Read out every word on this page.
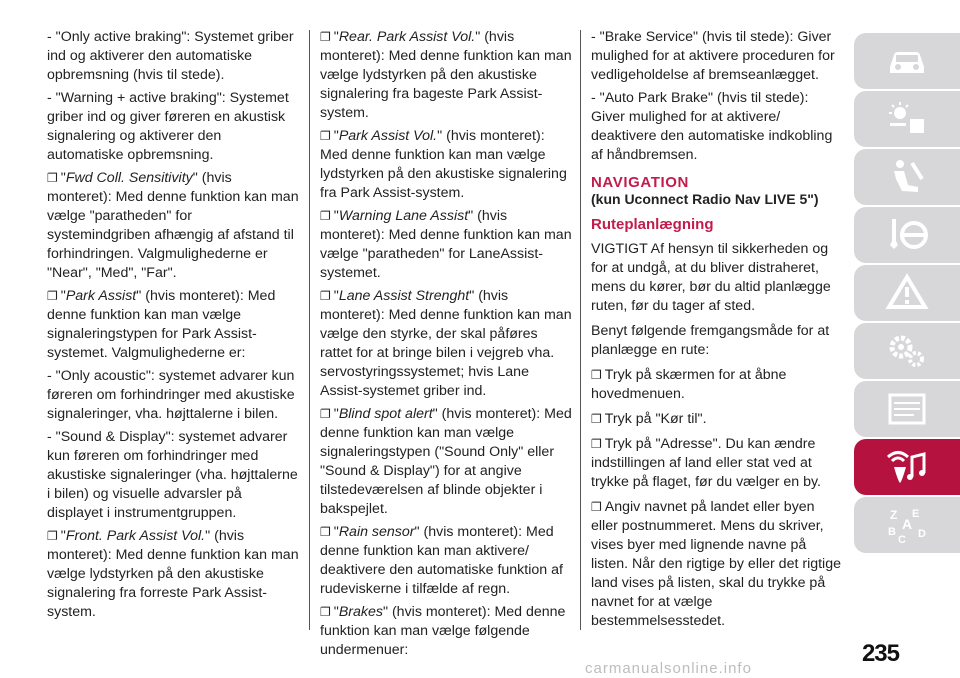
- "Only active braking": Systemet griber ind og aktiverer den automatiske opbremsning (hvis til stede).

- "Warning + active braking": Systemet griber ind og giver føreren en akustisk signalering og aktiverer den automatiske opbremsning.

❐ "Fwd Coll. Sensitivity" (hvis monteret): Med denne funktion kan man vælge "paratheden" for systemindgriben afhængig af afstand til forhindringen. Valgmulighederne er "Near", "Med", "Far".

❐ "Park Assist" (hvis monteret): Med denne funktion kan man vælge signaleringstypen for Park Assist-systemet. Valgmulighederne er:

- "Only acoustic": systemet advarer kun føreren om forhindringer med akustiske signaleringer, vha. højttalerne i bilen.

- "Sound & Display": systemet advarer kun føreren om forhindringer med akustiske signaleringer (vha. højttalerne i bilen) og visuelle advarsler på displayet i instrumentgruppen.

❐ "Front. Park Assist Vol." (hvis monteret): Med denne funktion kan man vælge lydstyrken på den akustiske signalering fra forreste Park Assist-system.

❐ "Rear. Park Assist Vol." (hvis monteret): Med denne funktion kan man vælge lydstyrken på den akustiske signalering fra bageste Park Assist-system.

❐ "Park Assist Vol." (hvis monteret): Med denne funktion kan man vælge lydstyrken på den akustiske signalering fra Park Assist-system.

❐ "Warning Lane Assist" (hvis monteret): Med denne funktion kan man vælge "paratheden" for LaneAssist-systemet.

❐ "Lane Assist Strenght" (hvis monteret): Med denne funktion kan man vælge den styrke, der skal påføres rattet for at bringe bilen i vejgreb vha. servostyringssystemet; hvis Lane Assist-systemet griber ind.

❐ "Blind spot alert" (hvis monteret): Med denne funktion kan man vælge signaleringstypen ("Sound Only" eller "Sound & Display") for at angive tilstedeværelsen af blinde objekter i bakspejlet.

❐ "Rain sensor" (hvis monteret): Med denne funktion kan man aktivere/ deaktivere den automatiske funktion af rudeviskerne i tilfælde af regn.

❐ "Brakes" (hvis monteret): Med denne funktion kan man vælge følgende undermenuer:

- "Brake Service" (hvis til stede): Giver mulighed for at aktivere proceduren for vedligeholdelse af bremseanlægget.

- "Auto Park Brake" (hvis til stede): Giver mulighed for at aktivere/ deaktivere den automatiske indkobling af håndbremsen.

NAVIGATION
(kun Uconnect Radio Nav LIVE 5")
Ruteplanlægning

VIGTIGT Af hensyn til sikkerheden og for at undgå, at du bliver distraheret, mens du kører, bør du altid planlægge ruten, før du tager af sted.

Benyt følgende fremgangsmåde for at planlægge en rute:

❐ Tryk på skærmen for at åbne hovedmenuen.

❐ Tryk på "Kør til".

❐ Tryk på "Adresse". Du kan ændre indstillingen af land eller stat ved at trykke på flaget, før du vælger en by.

❐ Angiv navnet på landet eller byen eller postnummeret. Mens du skriver, vises byer med lignende navne på listen. Når den rigtige by eller det rigtige land vises på listen, skal du trykke på navnet for at vælge bestemmelsesstedet.

Z E
B A
C D
235
carmanualsonline.info
